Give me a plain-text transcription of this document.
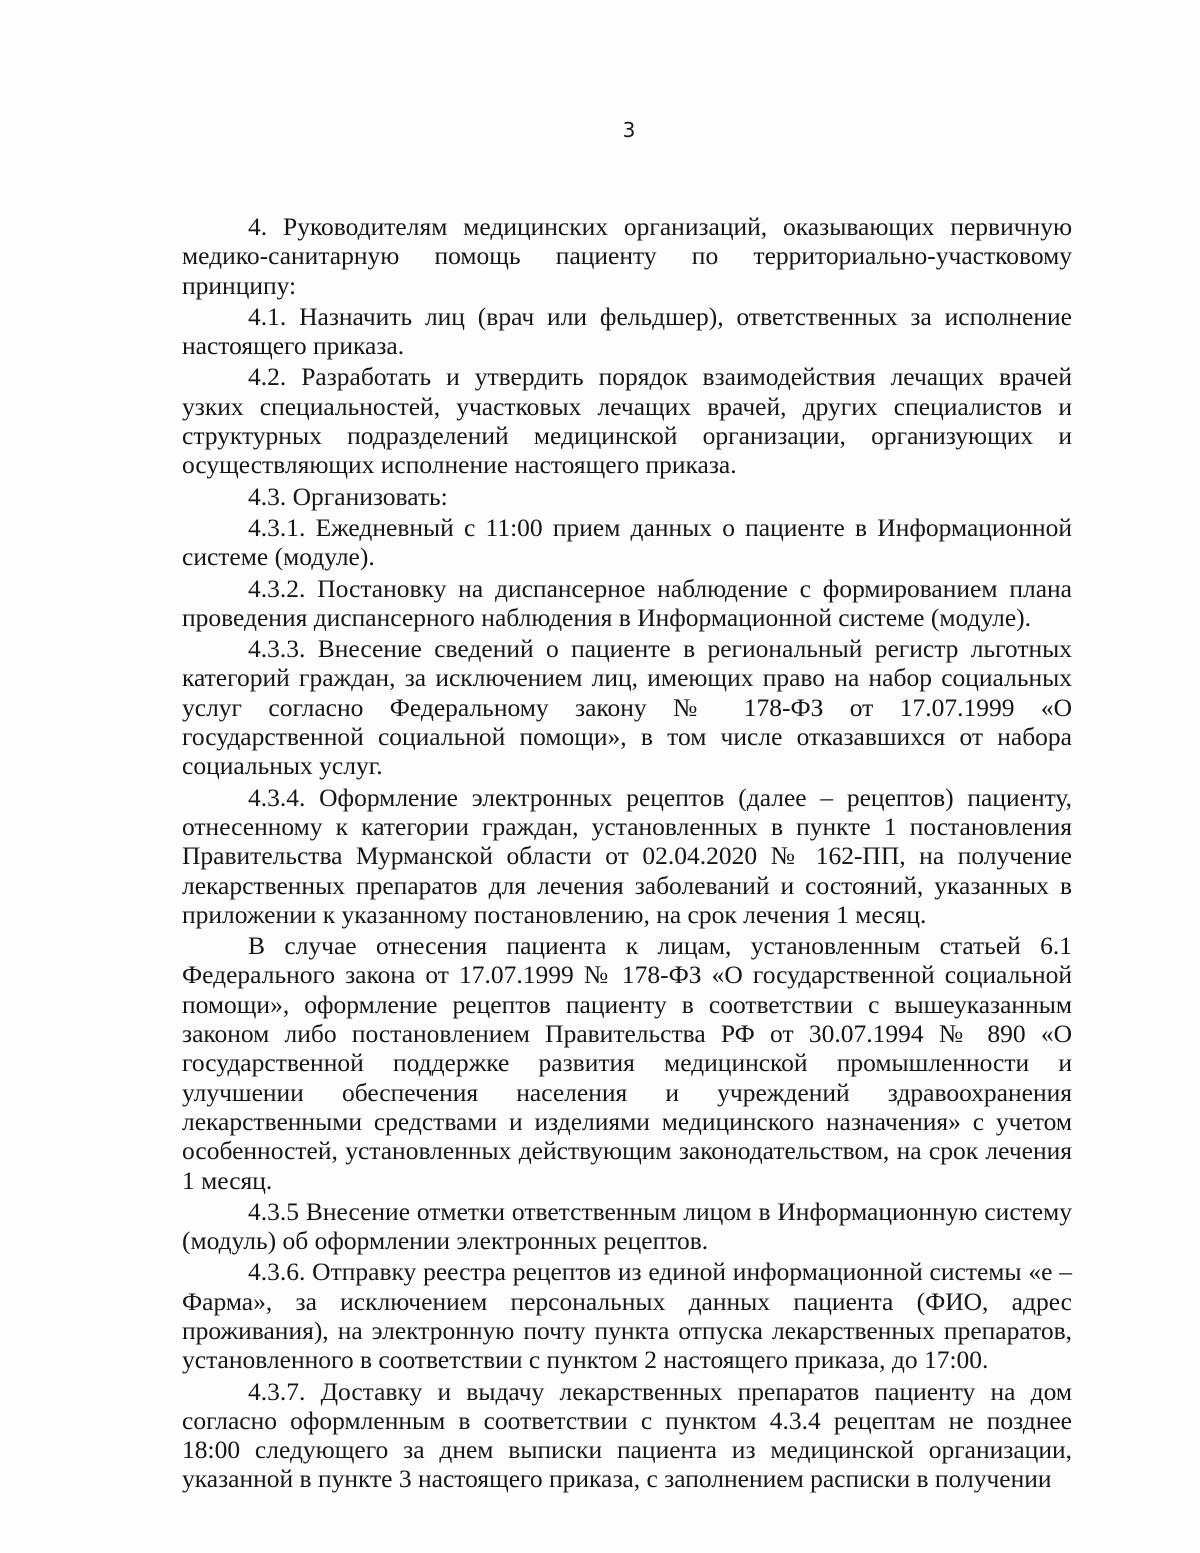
3

4. Руководителям медицинских организаций, оказывающих первичную медико-санитарную помощь пациенту по территориально-участковому принципу:

4.1. Назначить лиц (врач или фельдшер), ответственных за исполнение настоящего приказа.

4.2. Разработать и утвердить порядок взаимодействия лечащих врачей узких специальностей, участковых лечащих врачей, других специалистов и структурных подразделений медицинской организации, организующих и осуществляющих исполнение настоящего приказа.

4.3. Организовать:

4.3.1. Ежедневный с 11:00 прием данных о пациенте в Информационной системе (модуле).

4.3.2. Постановку на диспансерное наблюдение с формированием плана проведения диспансерного наблюдения в Информационной системе (модуле).

4.3.3. Внесение сведений о пациенте в региональный регистр льготных категорий граждан, за исключением лиц, имеющих право на набор социальных услуг согласно Федеральному закону № 178-ФЗ от 17.07.1999 «О государственной социальной помощи», в том числе отказавшихся от набора социальных услуг.

4.3.4. Оформление электронных рецептов (далее – рецептов) пациенту, отнесенному к категории граждан, установленных в пункте 1 постановления Правительства Мурманской области от 02.04.2020 № 162-ПП, на получение лекарственных препаратов для лечения заболеваний и состояний, указанных в приложении к указанному постановлению, на срок лечения 1 месяц.

В случае отнесения пациента к лицам, установленным статьей 6.1 Федерального закона от 17.07.1999 № 178-ФЗ «О государственной социальной помощи», оформление рецептов пациенту в соответствии с вышеуказанным законом либо постановлением Правительства РФ от 30.07.1994 № 890 «О государственной поддержке развития медицинской промышленности и улучшении обеспечения населения и учреждений здравоохранения лекарственными средствами и изделиями медицинского назначения» с учетом особенностей, установленных действующим законодательством, на срок лечения 1 месяц.

4.3.5 Внесение отметки ответственным лицом в Информационную систему (модуль) об оформлении электронных рецептов.

4.3.6. Отправку реестра рецептов из единой информационной системы «е – Фарма», за исключением персональных данных пациента (ФИО, адрес проживания), на электронную почту пункта отпуска лекарственных препаратов, установленного в соответствии с пунктом 2 настоящего приказа, до 17:00.

4.3.7. Доставку и выдачу лекарственных препаратов пациенту на дом согласно оформленным в соответствии с пунктом 4.3.4 рецептам не позднее 18:00 следующего за днем выписки пациента из медицинской организации, указанной в пункте 3 настоящего приказа, с заполнением расписки в получении
